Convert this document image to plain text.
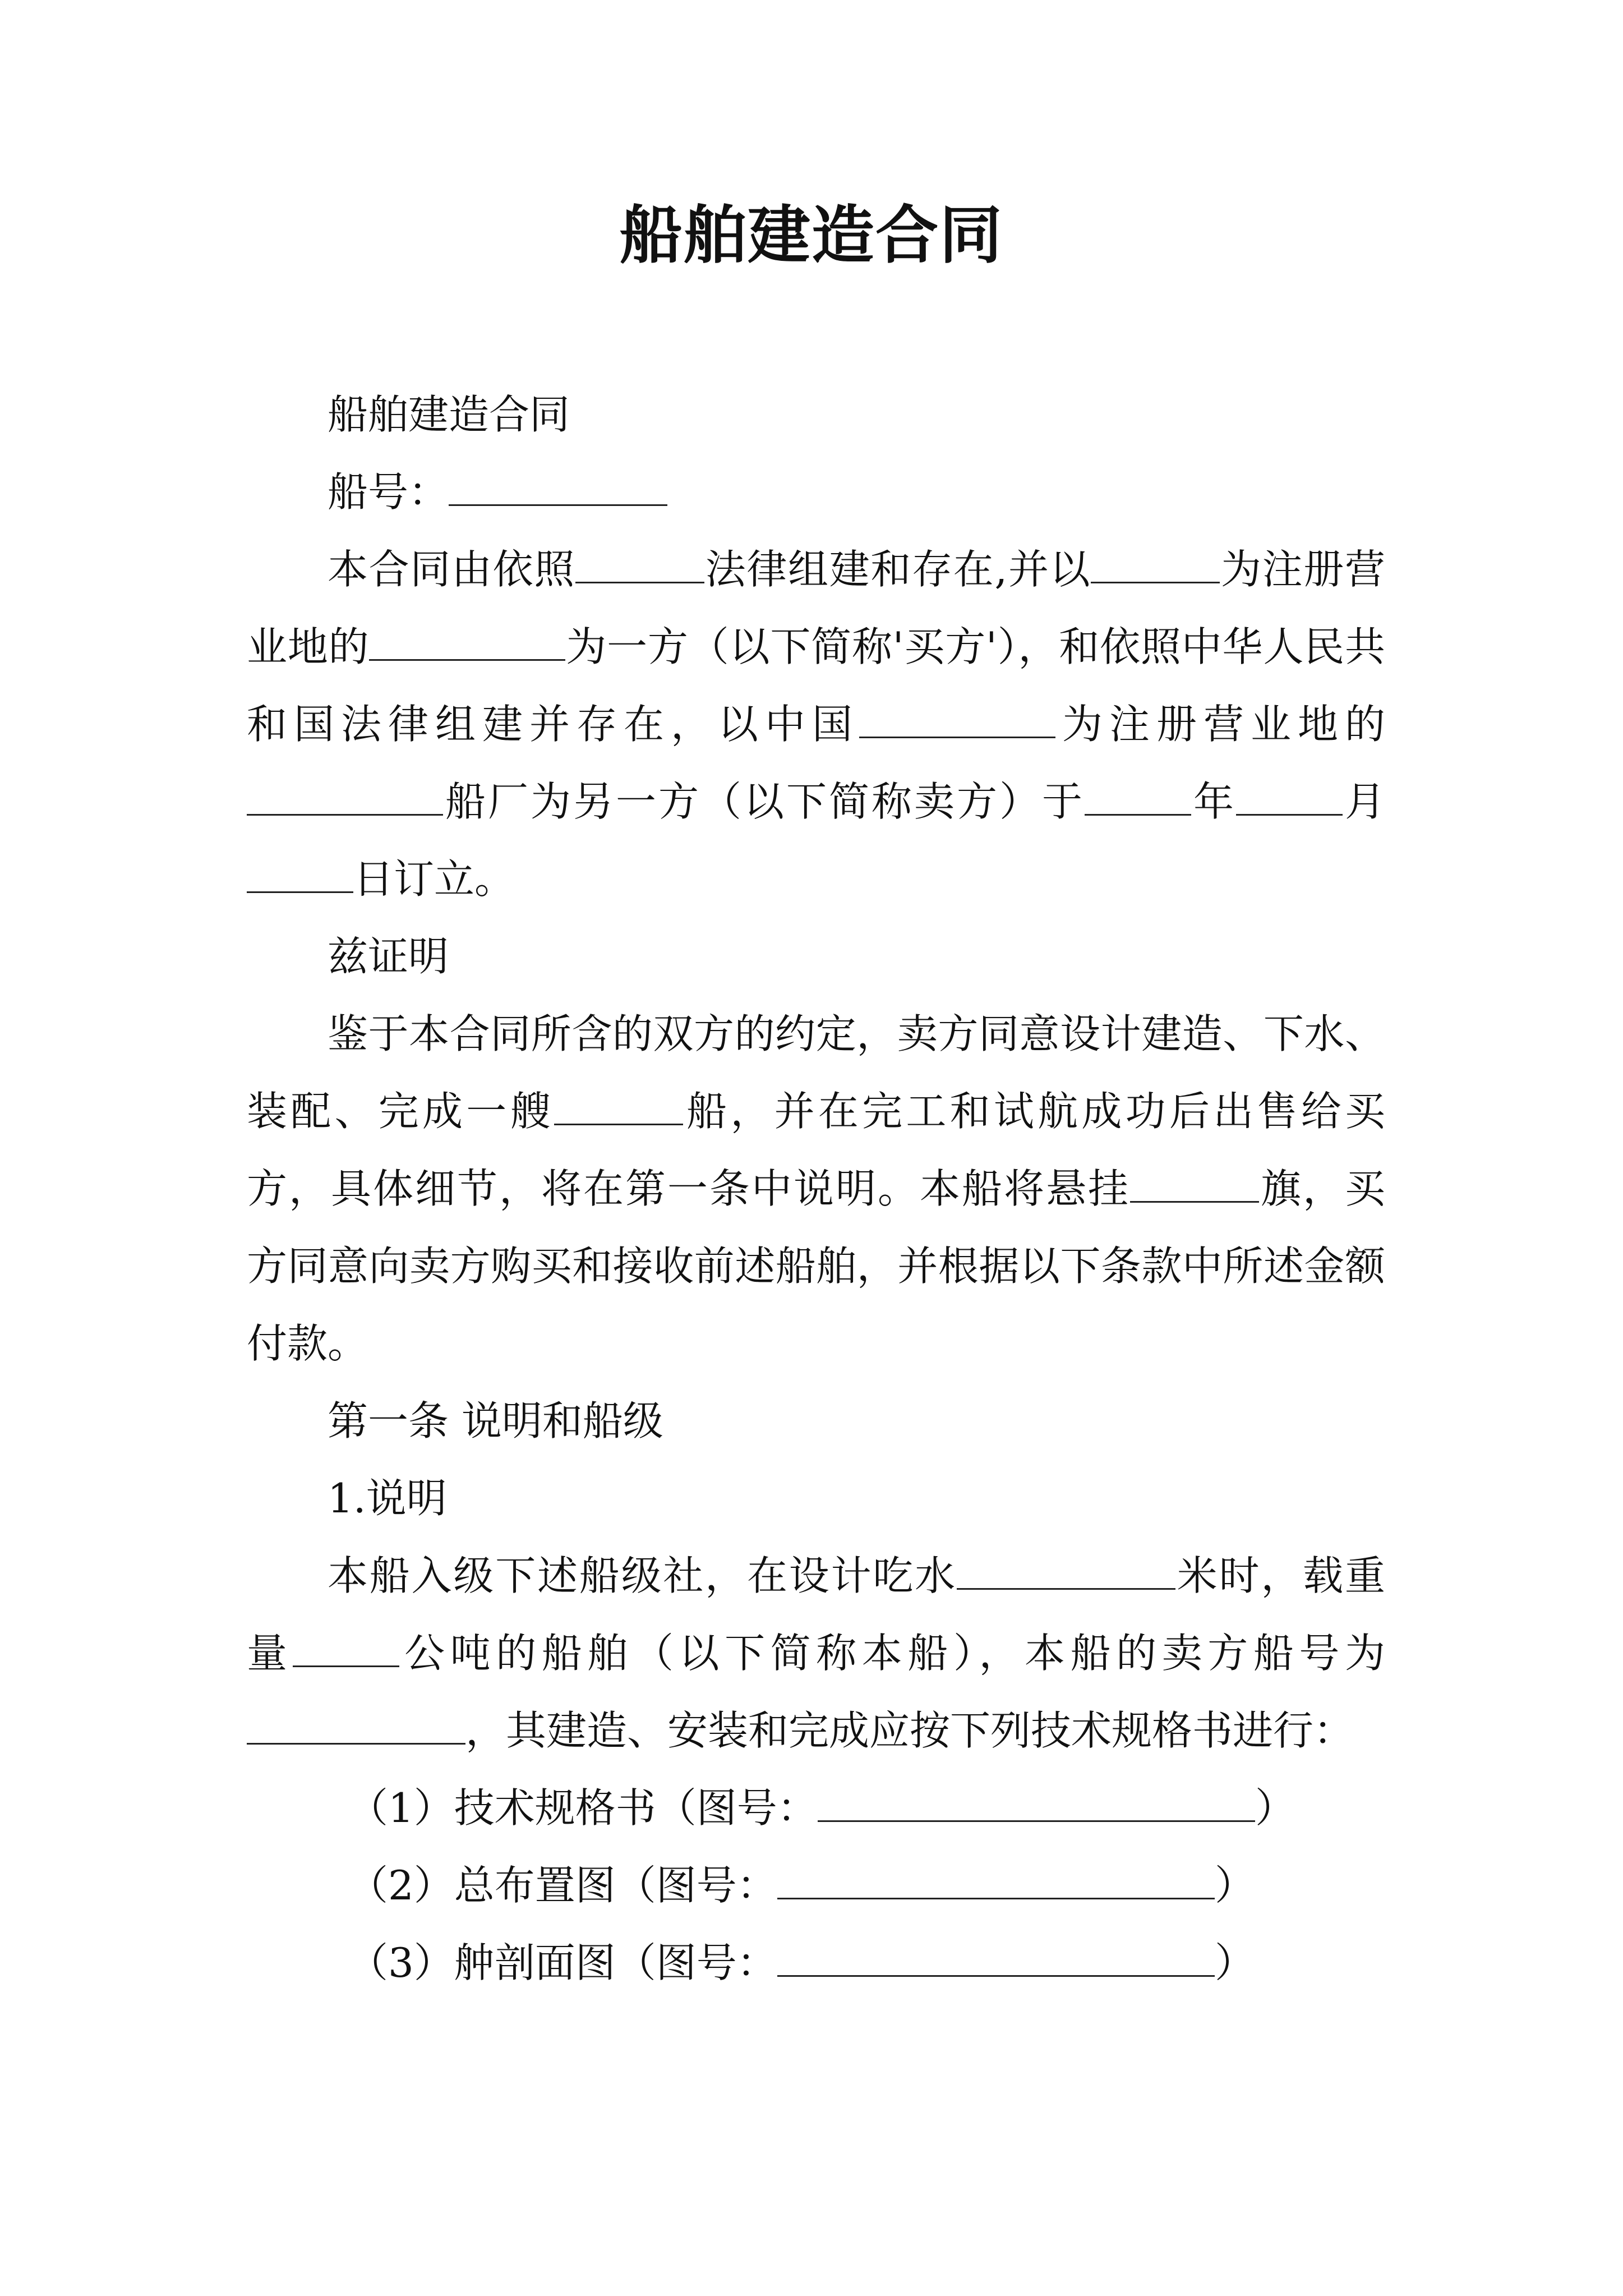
船舶建造合同

船舶建造合同

船号：

本合同由依照	法律组建和存在,并以	为注册营业地的	为一方（以下简称'买方'），和依照中华人民共和国法律组建并存在，以中国	为注册营业地的船厂为另一方（以下简称卖方）于	年	月日订立。

兹证明

鉴于本合同所含的双方的约定，卖方同意设计建造、下水、装配、完成一艘	船，并在完工和试航成功后出售给买方，具体细节，将在第一条中说明。本船将悬挂	旗，买方同意向卖方购买和接收前述船舶，并根据以下条款中所述金额付款。

第一条 说明和船级

1.说明

本船入级下述船级社，在设计吃水	米时，载重量	公吨的船舶（以下简称本船），本船的卖方船号为，其建造、安装和完成应按下列技术规格书进行：

（1）技术规格书（图号：	）

（2）总布置图（图号：	）

（3）舯剖面图（图号：	）
